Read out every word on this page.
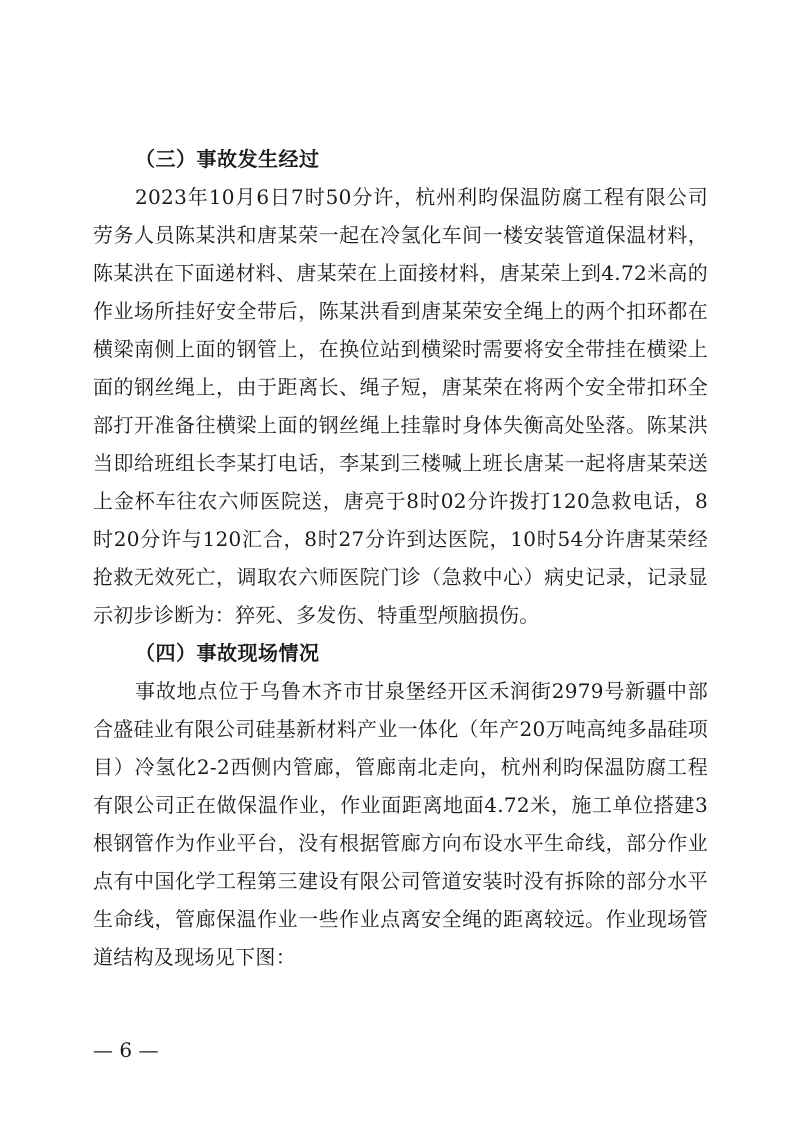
（三）事故发生经过

2023年10月6日7时50分许，杭州利昀保温防腐工程有限公司劳务人员陈某洪和唐某荣一起在冷氢化车间一楼安装管道保温材料，陈某洪在下面递材料、唐某荣在上面接材料，唐某荣上到4.72米高的作业场所挂好安全带后，陈某洪看到唐某荣安全绳上的两个扣环都在横梁南侧上面的钢管上，在换位站到横梁时需要将安全带挂在横梁上面的钢丝绳上，由于距离长、绳子短，唐某荣在将两个安全带扣环全部打开准备往横梁上面的钢丝绳上挂靠时身体失衡高处坠落。陈某洪当即给班组长李某打电话，李某到三楼喊上班长唐某一起将唐某荣送上金杯车往农六师医院送，唐亮于8时02分许拨打120急救电话，8时20分许与120汇合，8时27分许到达医院，10时54分许唐某荣经抢救无效死亡，调取农六师医院门诊（急救中心）病史记录，记录显示初步诊断为：猝死、多发伤、特重型颅脑损伤。

（四）事故现场情况

事故地点位于乌鲁木齐市甘泉堡经开区禾润街2979号新疆中部合盛硅业有限公司硅基新材料产业一体化（年产20万吨高纯多晶硅项目）冷氢化2-2西侧内管廊，管廊南北走向，杭州利昀保温防腐工程有限公司正在做保温作业，作业面距离地面4.72米，施工单位搭建3根钢管作为作业平台，没有根据管廊方向布设水平生命线，部分作业点有中国化学工程第三建设有限公司管道安装时没有拆除的部分水平生命线，管廊保温作业一些作业点离安全绳的距离较远。作业现场管道结构及现场见下图：

— 6 —
